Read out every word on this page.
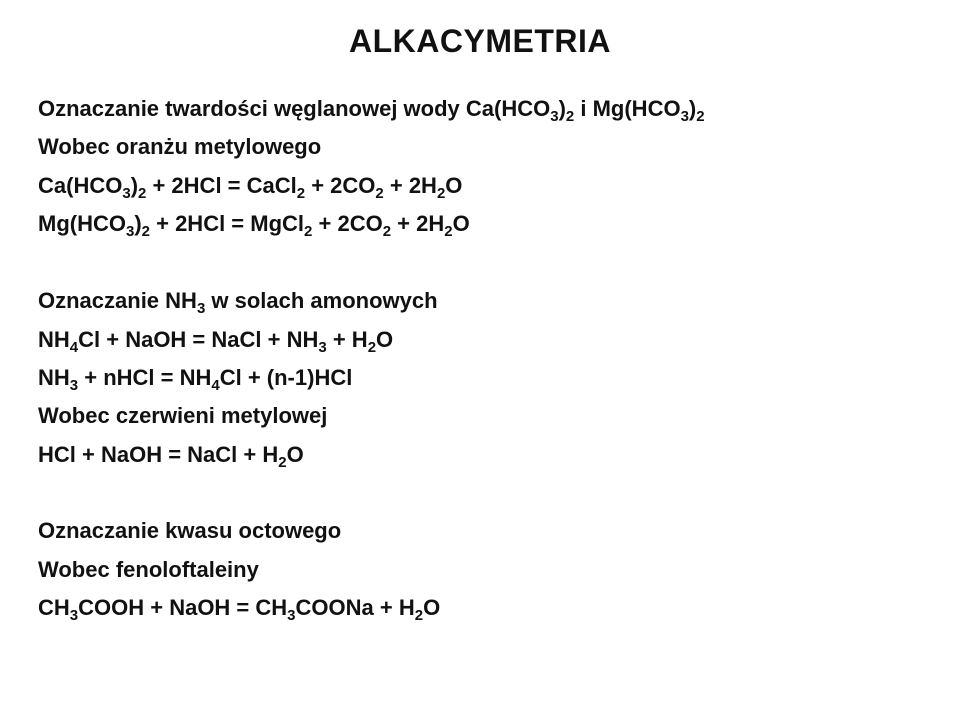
ALKACYMETRIA
Oznaczanie twardości węglanowej wody $Ca(HCO_3)_2$ i $Mg(HCO_3)_2$
Wobec oranżu metylowego
$Ca(HCO_3)_2 + 2HCl$ = CaCl$_2$ + $2CO_2 + 2H_2O$
$Mg(HCO_3)_2 + 2HCl$ = MgCl$_2$ + $2CO_2 + 2H_2O$
Oznaczanie $NH_3$ w solach amonowych
$NH_4Cl$ + NaOH = NaCl + $NH_3 + H_2O$
$NH_3$ + nHCl = $NH_4Cl + (n-1)HCl$
Wobec czerwieni metylowej
HCl + NaOH = NaCl + $H_2O$
Oznaczanie kwasu octowego
Wobec fenoloftaleiny
$CH_3COOH$ + NaOH = $CH_3COONa + H_2O$
